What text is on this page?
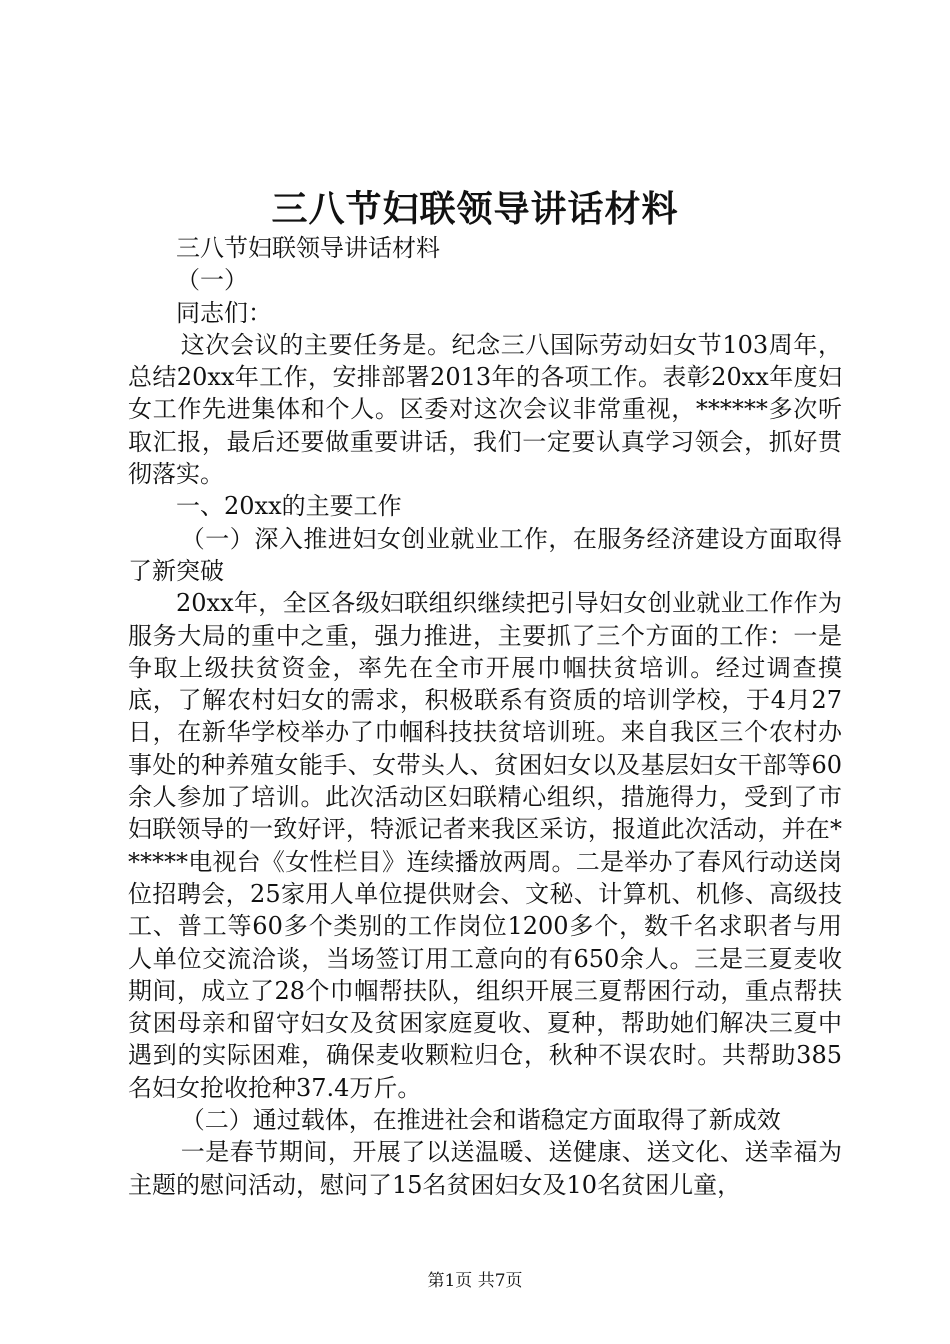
三八节妇联领导讲话材料

三八节妇联领导讲话材料

（一）

同志们：

这次会议的主要任务是。纪念三八国际劳动妇女节103周年，总结20xx年工作，安排部署2013年的各项工作。表彰20xx年度妇女工作先进集体和个人。区委对这次会议非常重视，******多次听取汇报，最后还要做重要讲话，我们一定要认真学习领会，抓好贯彻落实。

一、20xx的主要工作

（一）深入推进妇女创业就业工作，在服务经济建设方面取得了新突破

20xx年，全区各级妇联组织继续把引导妇女创业就业工作作为服务大局的重中之重，强力推进，主要抓了三个方面的工作：一是争取上级扶贫资金，率先在全市开展巾帼扶贫培训。经过调查摸底，了解农村妇女的需求，积极联系有资质的培训学校，于4月27日，在新华学校举办了巾帼科技扶贫培训班。来自我区三个农村办事处的种养殖女能手、女带头人、贫困妇女以及基层妇女干部等60余人参加了培训。此次活动区妇联精心组织，措施得力，受到了市妇联领导的一致好评，特派记者来我区采访，报道此次活动，并在******电视台《女性栏目》连续播放两周。二是举办了春风行动送岗位招聘会，25家用人单位提供财会、文秘、计算机、机修、高级技工、普工等60多个类别的工作岗位1200多个，数千名求职者与用人单位交流洽谈，当场签订用工意向的有650余人。三是三夏麦收期间，成立了28个巾帼帮扶队，组织开展三夏帮困行动，重点帮扶贫困母亲和留守妇女及贫困家庭夏收、夏种，帮助她们解决三夏中遇到的实际困难，确保麦收颗粒归仓，秋种不误农时。共帮助385名妇女抢收抢种37.4万斤。

（二）通过载体，在推进社会和谐稳定方面取得了新成效

一是春节期间，开展了以送温暖、送健康、送文化、送幸福为主题的慰问活动，慰问了15名贫困妇女及10名贫困儿童，

第1页 共7页
